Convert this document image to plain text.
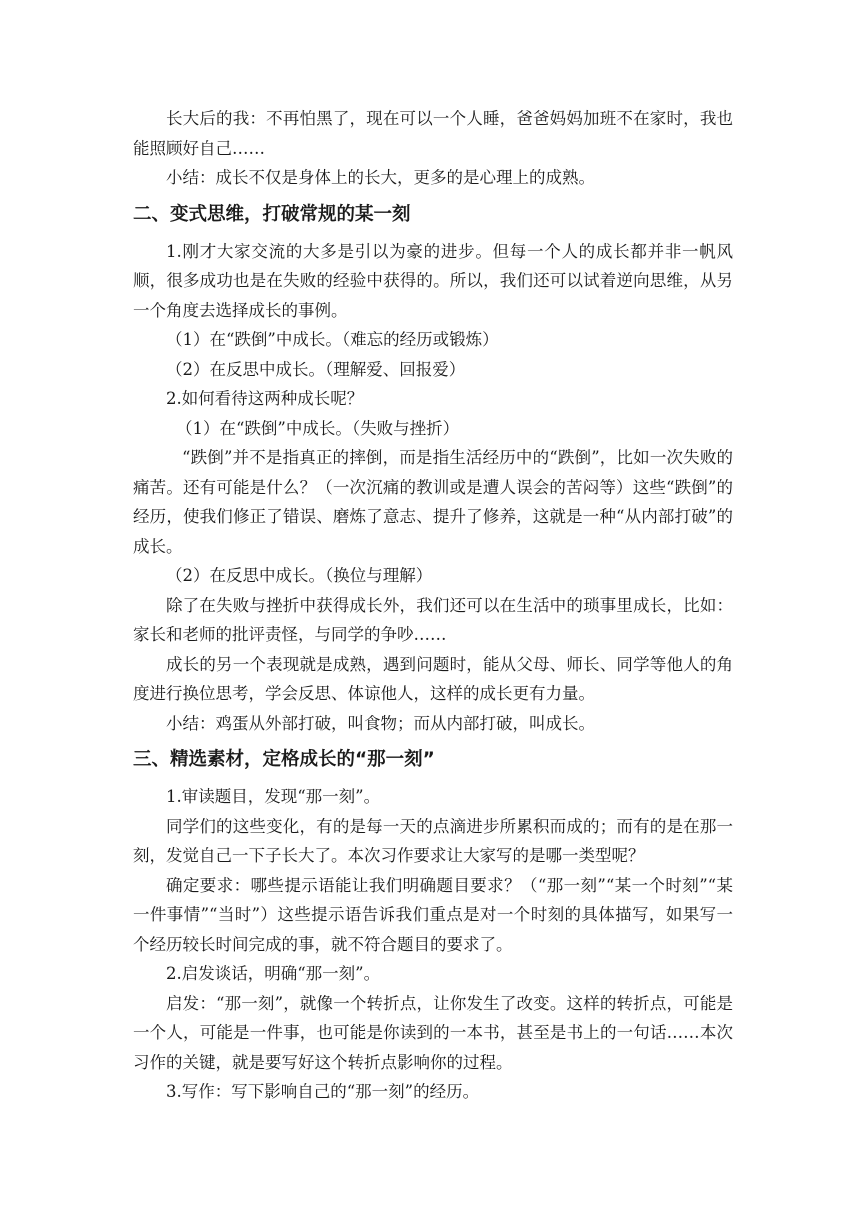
长大后的我：不再怕黑了，现在可以一个人睡，爸爸妈妈加班不在家时，我也能照顾好自己……

小结：成长不仅是身体上的长大，更多的是心理上的成熟。

二、变式思维，打破常规的某一刻

1.刚才大家交流的大多是引以为豪的进步。但每一个人的成长都并非一帆风顺，很多成功也是在失败的经验中获得的。所以，我们还可以试着逆向思维，从另一个角度去选择成长的事例。

（1）在“跌倒”中成长。（难忘的经历或锻炼）

（2）在反思中成长。（理解爱、回报爱）

2.如何看待这两种成长呢？

（1）在“跌倒”中成长。（失败与挫折）

“跌倒”并不是指真正的摔倒，而是指生活经历中的“跌倒”，比如一次失败的痛苦。还有可能是什么？（一次沉痛的教训或是遭人误会的苦闷等）这些“跌倒”的经历，使我们修正了错误、磨炼了意志、提升了修养，这就是一种“从内部打破”的成长。

（2）在反思中成长。（换位与理解）

除了在失败与挫折中获得成长外，我们还可以在生活中的琐事里成长，比如：家长和老师的批评责怪，与同学的争吵……

成长的另一个表现就是成熟，遇到问题时，能从父母、师长、同学等他人的角度进行换位思考，学会反思、体谅他人，这样的成长更有力量。

小结：鸡蛋从外部打破，叫食物；而从内部打破，叫成长。

三、精选素材，定格成长的“那一刻”

1.审读题目，发现“那一刻”。

同学们的这些变化，有的是每一天的点滴进步所累积而成的；而有的是在那一刻，发觉自己一下子长大了。本次习作要求让大家写的是哪一类型呢？

确定要求：哪些提示语能让我们明确题目要求？（“那一刻”“某一个时刻”“某一件事情”“当时”）这些提示语告诉我们重点是对一个时刻的具体描写，如果写一个经历较长时间完成的事，就不符合题目的要求了。

2.启发谈话，明确“那一刻”。

启发：“那一刻”，就像一个转折点，让你发生了改变。这样的转折点，可能是一个人，可能是一件事，也可能是你读到的一本书，甚至是书上的一句话……本次习作的关键，就是要写好这个转折点影响你的过程。

3.写作：写下影响自己的“那一刻”的经历。
